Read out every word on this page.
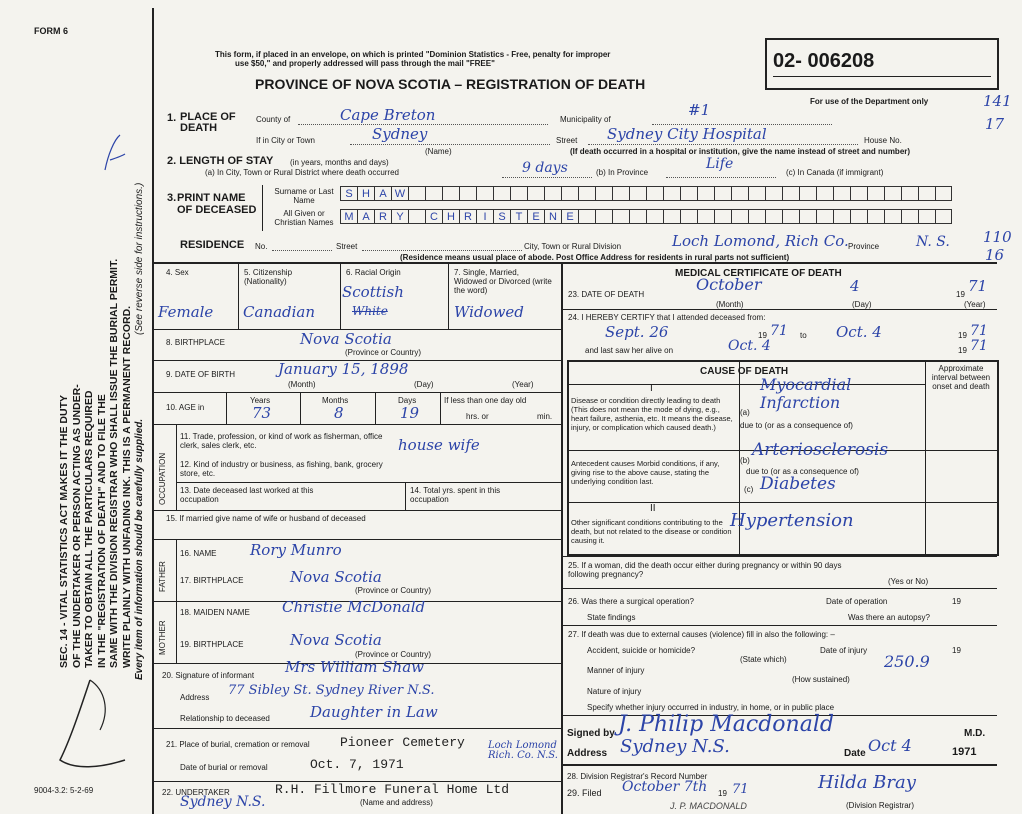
FORM 6
SEC. 14 - VITAL STATISTICS ACT MAKES IT THE DUTY OF THE UNDERTAKER OR PERSON ACTING AS UNDER- TAKER TO OBTAIN ALL THE PARTICULARS REQUIRED IN THE "REGISTRATION OF DEATH" AND TO FILE THE SAME WITH THE DIVISION REGISTRAR WHO SHALL ISSUE THE BURIAL PERMIT. WRITE PLAINLY WITH UNFADING INK. THIS IS A PERMANENT RECORD. Every item of information should be carefully supplied.
(See reverse side for instructions.)
9004-3.2: 5-2-69
This form, if placed in an envelope, on which is printed "Dominion Statistics - Free, penalty for improper
use $50," and properly addressed will pass through the mail "FREE"
PROVINCE OF NOVA SCOTIA – REGISTRATION OF DEATH
02- 006208
For use of the Department only	141
17
110
16
1. PLACE OF DEATH
County of	Cape Breton	Municipality of
#1
If in City or Town	Sydney
(Name)
Street Sydney City Hospital	House No.
(If death occurred in a hospital or institution, give the name instead of street and number)
2. LENGTH OF STAY (in years, months and days)
(a) In City, Town or Rural District where death occurred	9 days	(b) In Province
Life
(c) In Canada (if immigrant)
3. PRINT NAME OF DECEASED
Surname or Last Name
All Given or Christian Names
S H A W
M A R Y	C H R	I	S T E N E
RESIDENCE No.	Street	City, Town or Rural Division	Loch Lomond, Rich Co. Province	N. S.
(Residence means usual place of abode. Post Office Address for residents in rural parts not sufficient)
4. Sex
Female
5. Citizenship (Nationality)
Canadian
6. Racial Origin
Scottish
White
7. Single, Married, Widowed or Divorced (write the word)
Widowed
8. BIRTHPLACE	Nova Scotia
(Province or Country)
9. DATE OF BIRTH	January 15, 1898
(Month)	(Day)	(Year)
10. AGE in
Years	Months	Days
73	8	19
If less than one day old
hrs. or	min.
OCCUPATION
11. Trade, profession, or kind of work as fisherman, office clerk, sales clerk, etc.	house wife
12. Kind of industry or business, as fishing, bank, grocery store, etc.
13. Date deceased last worked at this occupation
14. Total yrs. spent in this occupation
15. If married give name of wife or husband of deceased
FATHER
16. NAME Rory Munro
17. BIRTHPLACE	Nova Scotia
(Province or Country)
MOTHER
18. MAIDEN NAME Christie McDonald
19. BIRTHPLACE	Nova Scotia
(Province or Country)
20. Signature of informant Mrs William Shaw
Address 77 Sibley St. Sydney River N.S.
Relationship to deceased	Daughter in Law
21. Place of burial, cremation or removal Pioneer Cemetery Loch Lomond Rich. Co. N.S.
Date of burial or removal	Oct. 7, 1971
22. UNDERTAKER	R.H. Fillmore Funeral Home Ltd
(Name and address)
Sydney N.S.
MEDICAL CERTIFICATE OF DEATH
23. DATE OF DEATH
October	4	19 71
(Month)	(Day)	(Year)
24. I HEREBY CERTIFY that I attended deceased from:
Sept. 26	19 71 to Oct. 4	19 71
and last saw her alive on	Oct. 4	19 71
CAUSE OF DEATH	Approximate interval between onset and death
I
Disease or condition directly leading to death (This does not mean the mode of dying, e.g., heart failure, asthenia, etc. It means the disease, injury, or complication which caused death.)
(a)
due to (or as a consequence of)
Myocardial Infarction
Antecedent causes Morbid conditions, if any, giving rise to the above cause, stating the underlying condition last.
(b)
due to (or as a consequence of)
Arteriosclerosis
(c) Diabetes
II
Other significant conditions contributing to the death, but not related to the disease or condition causing it.
Hypertension
25. If a woman, did the death occur either during pregnancy or within 90 days following pregnancy?
(Yes or No)
26. Was there a surgical operation?	Date of operation	19
State findings	Was there an autopsy?
27. If death was due to external causes (violence) fill in also the following: –
Accident, suicide or homicide?
(State which)
Date of injury	19
Manner of injury	250.9
(How sustained)
Nature of injury
Specify whether injury occurred in industry, in home, or in public place
Signed by J. Philip Macdonald	M.D.
Address Sydney N.S.	Date Oct 4	1971
28. Division Registrar's Record Number
29. Filed October 7th 19 71	Hilda Bray
(Division Registrar)
J. P. MACDONALD
